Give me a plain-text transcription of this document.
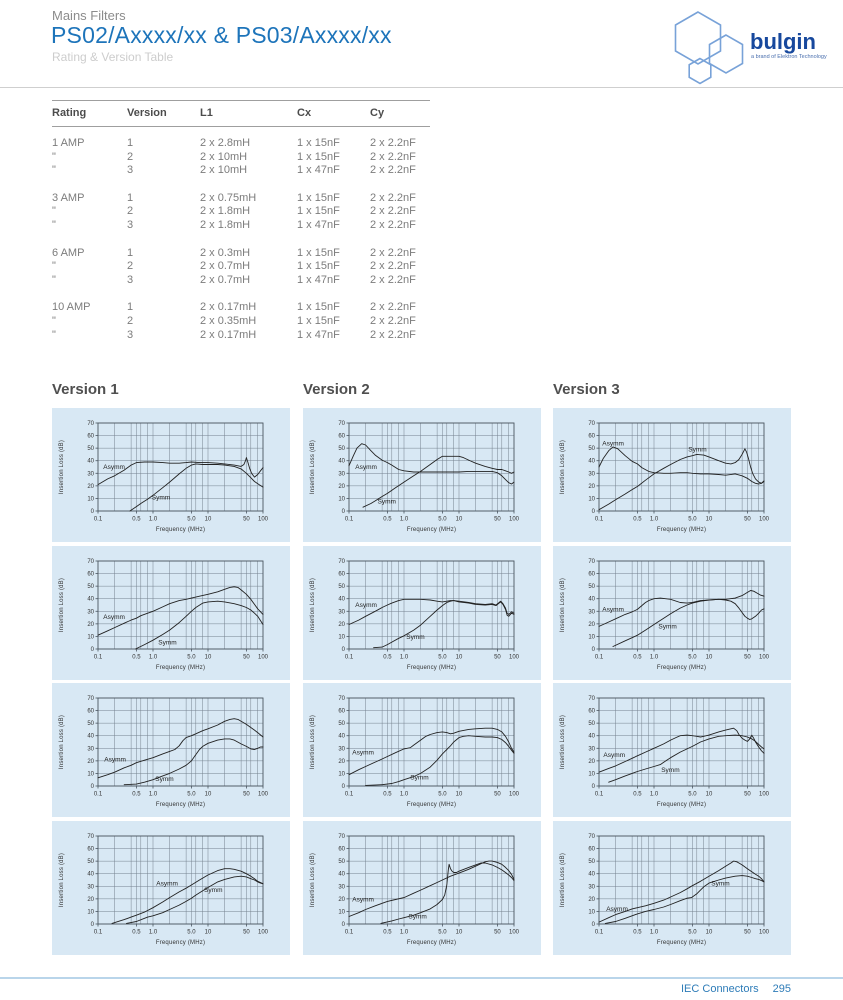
Mains Filters
PS02/Axxxx/xx & PS03/Axxxx/xx
Rating & Version Table
bulgin
a brand of Elektron Technology
Rating	Version	L1	Cx	Cy
1 AMP	1	2 x 2.8mH	1 x 15nF	2 x 2.2nF
"	2	2 x 10mH	1 x 15nF	2 x 2.2nF
"	3	2 x 10mH	1 x 47nF	2 x 2.2nF
3 AMP	1	2 x 0.75mH	1 x 15nF	2 x 2.2nF
"	2	2 x 1.8mH	1 x 15nF	2 x 2.2nF
"	3	2 x 1.8mH	1 x 47nF	2 x 2.2nF
6 AMP	1	2 x 0.3mH	1 x 15nF	2 x 2.2nF
"	2	2 x 0.7mH	1 x 15nF	2 x 2.2nF
"	3	2 x 0.7mH	1 x 47nF	2 x 2.2nF
10 AMP	1	2 x 0.17mH	1 x 15nF	2 x 2.2nF
"	2	2 x 0.35mH	1 x 15nF	2 x 2.2nF
"	3	2 x 0.17mH	1 x 47nF	2 x 2.2nF
Version 1	Version 2	Version 3
0
10
20
30
40
50
60
70
0.1	0.5 1.0	5.0 10	50 100
Insertion Loss (dB)
Frequency (MHz)
Asymm
Symm
0
10
20
30
40
50
60
70
0.1	0.5 1.0	5.0 10	50 100
Insertion Loss (dB)
Frequency (MHz)
Asymm
Symm
0
10
20
30
40
50
60
70
0.1	0.5 1.0	5.0 10	50 100
Insertion Loss (dB)
Frequency (MHz)
Asymm
Symm
0
10
20
30
40
50
60
70
0.1	0.5 1.0	5.0 10	50 100
Insertion Loss (dB)
Frequency (MHz)
Asymm
Symm
0
10
20
30
40
50
60
70
0.1	0.5 1.0	5.0 10	50 100
Insertion Loss (dB)
Frequency (MHz)
Asymm
Symm
0
10
20
30
40
50
60
70
0.1	0.5 1.0	5.0 10	50 100
Insertion Loss (dB)
Frequency (MHz)
Asymm
Symm
0
10
20
30
40
50
60
70
0.1	0.5 1.0	5.0 10	50 100
Insertion Loss (dB)
Frequency (MHz)
Asymm
Symm
0
10
20
30
40
50
60
70
0.1	0.5 1.0	5.0 10	50 100
Insertion Loss (dB)
Frequency (MHz)
Asymm
Symm
0
10
20
30
40
50
60
70
0.1	0.5 1.0	5.0 10	50 100
Insertion Loss (dB)
Frequency (MHz)
Asymm
Symm
0
10
20
30
40
50
60
70
0.1	0.5 1.0	5.0 10	50 100
Insertion Loss (dB)
Frequency (MHz)
Asymm
Symm
0
10
20
30
40
50
60
70
0.1	0.5 1.0	5.0 10	50 100
Insertion Loss (dB)
Frequency (MHz)
Asymm
Symm
0
10
20
30
40
50
60
70
0.1	0.5 1.0	5.0 10	50 100
Insertion Loss (dB)
Frequency (MHz)
Asymm
Symm
IEC Connectors 295
